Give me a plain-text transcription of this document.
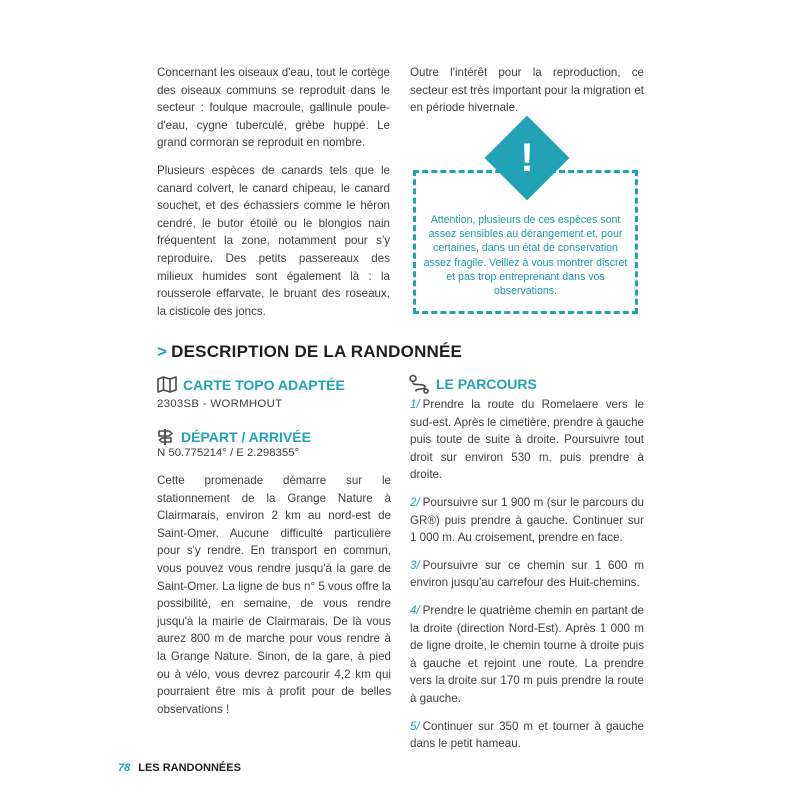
Concernant les oiseaux d'eau, tout le cortège des oiseaux communs se reproduit dans le secteur : foulque macroule, gallinule poule-d'eau, cygne tuberculé, grèbe huppé. Le grand cormoran se reproduit en nombre.

Plusieurs espèces de canards tels que le canard colvert, le canard chipeau, le canard souchet, et des échassiers comme le héron cendré, le butor étoilé ou le blongios nain fréquentent la zone, notamment pour s'y reproduire. Des petits passereaux des milieux humides sont également là : la rousserole effarvate, le bruant des roseaux, la cisticole des joncs.

Outre l'intérêt pour la reproduction, ce secteur est très important pour la migration et en période hivernale.

!
Attention, plusieurs de ces espèces sont assez sensibles au dérangement et, pour certaines, dans un état de conservation assez fragile. Veillez à vous montrer discret et pas trop entreprenant dans vos observations.
> DESCRIPTION DE LA RANDONNÉE
CARTE TOPO ADAPTÉE
2303SB - WORMHOUT
DÉPART / ARRIVÉE
N 50.775214° / E 2.298355°

Cette promenade démarre sur le stationnement de la Grange Nature à Clairmarais, environ 2 km au nord-est de Saint-Omer. Aucune difficulté particulière pour s'y rendre. En transport en commun, vous pouvez vous rendre jusqu'à la gare de Saint-Omer. La ligne de bus n° 5 vous offre la possibilité, en semaine, de vous rendre jusqu'à la mairie de Clairmarais. De là vous aurez 800 m de marche pour vous rendre à la Grange Nature. Sinon, de la gare, à pied ou à vélo, vous devrez parcourir 4,2 km qui pourraient être mis à profit pour de belles observations !

LE PARCOURS

1/ Prendre la route du Romelaere vers le sud-est. Après le cimetière, prendre à gauche puis toute de suite à droite. Poursuivre tout droit sur environ 530 m, puis prendre à droite.

2/ Poursuivre sur 1 900 m (sur le parcours du GR®) puis prendre à gauche. Continuer sur 1 000 m. Au croisement, prendre en face.

3/ Poursuivre sur ce chemin sur 1 600 m environ jusqu'au carrefour des Huit-chemins.

4/ Prendre le quatrième chemin en partant de la droite (direction Nord-Est). Après 1 000 m de ligne droite, le chemin tourne à droite puis à gauche et rejoint une route. La prendre vers la droite sur 170 m puis prendre la route à gauche.

5/ Continuer sur 350 m et tourner à gauche dans le petit hameau.

78 LES RANDONNÉES
